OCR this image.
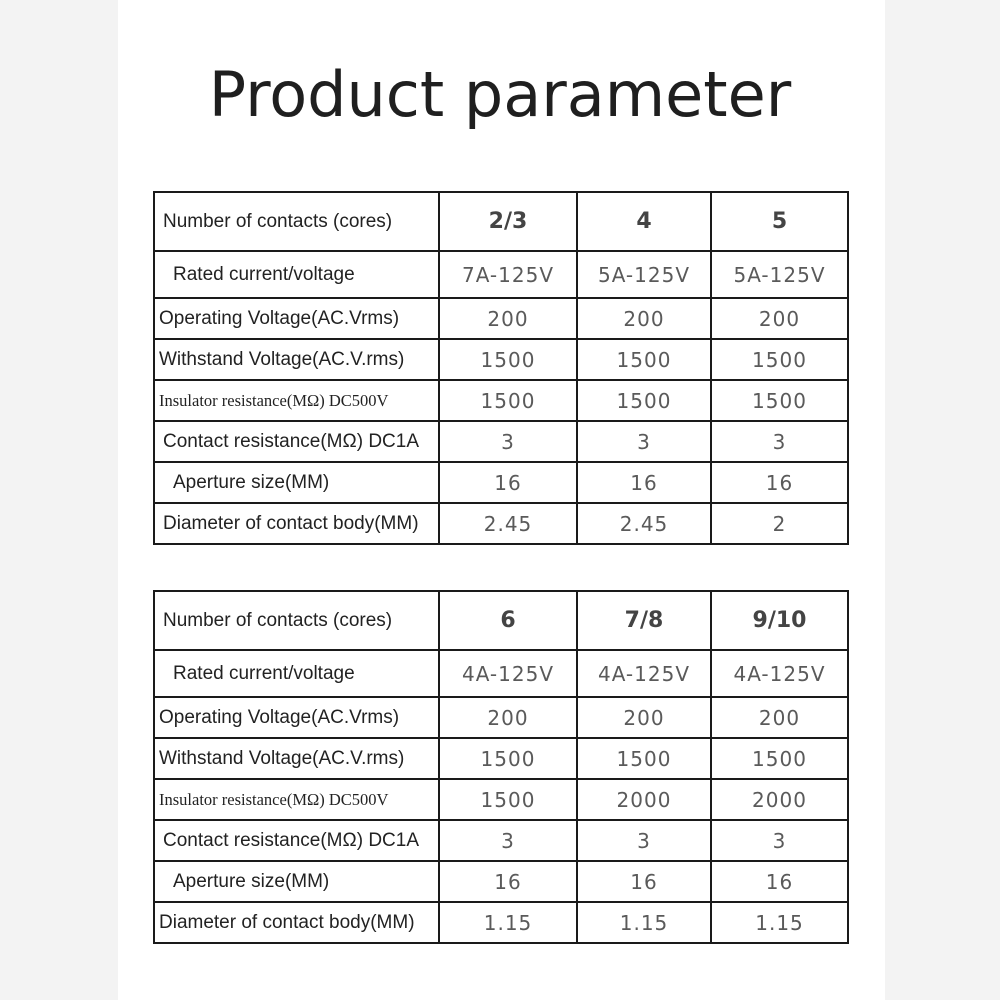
Product parameter
Number of contacts (cores)	2/3	4	5
Rated current/voltage	7A-125V	5A-125V	5A-125V
Operating Voltage(AC.Vrms)	200	200	200
Withstand Voltage(AC.V.rms)	1500	1500	1500
Insulator resistance(MΩ) DC500V	1500	1500	1500
Contact resistance(MΩ) DC1A	3	3	3
Aperture size(MM)	16	16	16
Diameter of contact body(MM)	2.45	2.45	2
Number of contacts (cores)	6	7/8	9/10
Rated current/voltage	4A-125V	4A-125V	4A-125V
Operating Voltage(AC.Vrms)	200	200	200
Withstand Voltage(AC.V.rms)	1500	1500	1500
Insulator resistance(MΩ) DC500V	1500	2000	2000
Contact resistance(MΩ) DC1A	3	3	3
Aperture size(MM)	16	16	16
Diameter of contact body(MM)	1.15	1.15	1.15
